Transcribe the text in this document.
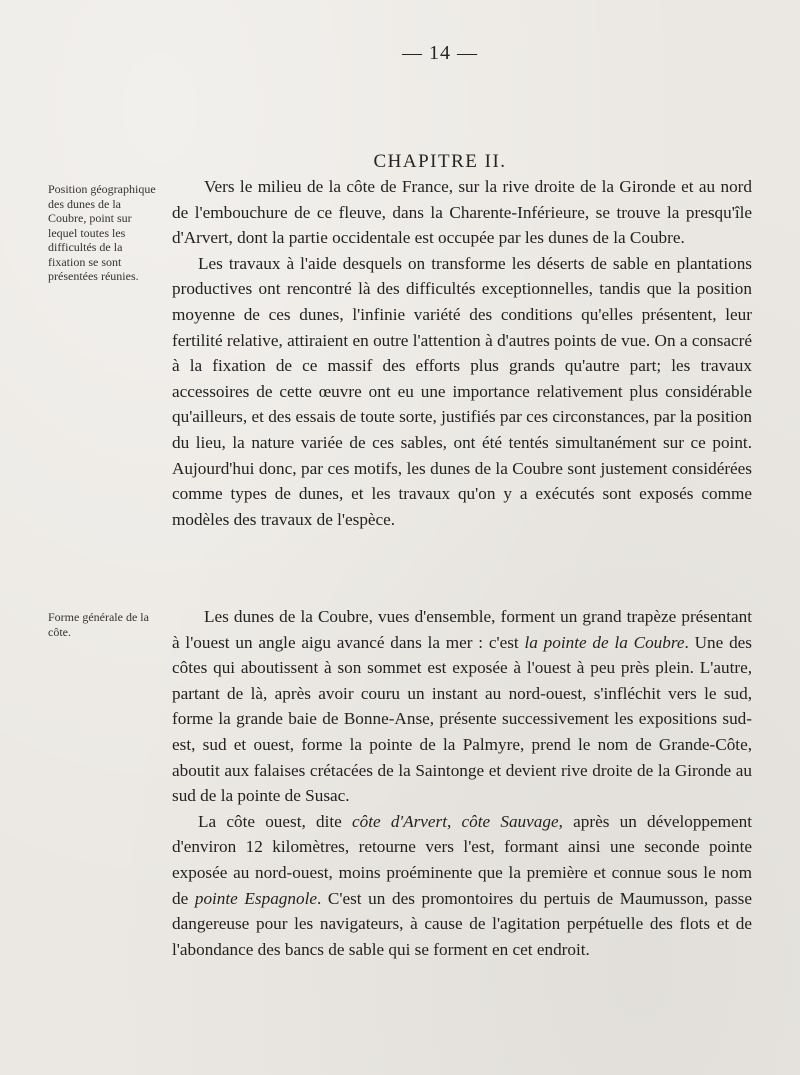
— 14 —
CHAPITRE II.
Position géographique des dunes de la Coubre, point sur lequel toutes les difficultés de la fixation se sont présentées réunies.
Forme générale de la côte.

Vers le milieu de la côte de France, sur la rive droite de la Gironde et au nord de l'embouchure de ce fleuve, dans la Charente-Inférieure, se trouve la presqu'île d'Arvert, dont la partie occidentale est occupée par les dunes de la Coubre.

Les travaux à l'aide desquels on transforme les déserts de sable en plantations productives ont rencontré là des difficultés exceptionnelles, tandis que la position moyenne de ces dunes, l'infinie variété des conditions qu'elles présentent, leur fertilité relative, attiraient en outre l'attention à d'autres points de vue. On a consacré à la fixation de ce massif des efforts plus grands qu'autre part; les travaux accessoires de cette œuvre ont eu une importance relativement plus considérable qu'ailleurs, et des essais de toute sorte, justifiés par ces circonstances, par la position du lieu, la nature variée de ces sables, ont été tentés simultanément sur ce point. Aujourd'hui donc, par ces motifs, les dunes de la Coubre sont justement considérées comme types de dunes, et les travaux qu'on y a exécutés sont exposés comme modèles des travaux de l'espèce.

Les dunes de la Coubre, vues d'ensemble, forment un grand trapèze présentant à l'ouest un angle aigu avancé dans la mer : c'est la pointe de la Coubre. Une des côtes qui aboutissent à son sommet est exposée à l'ouest à peu près plein. L'autre, partant de là, après avoir couru un instant au nord-ouest, s'infléchit vers le sud, forme la grande baie de Bonne-Anse, présente successivement les expositions sud-est, sud et ouest, forme la pointe de la Palmyre, prend le nom de Grande-Côte, aboutit aux falaises crétacées de la Saintonge et devient rive droite de la Gironde au sud de la pointe de Susac.

La côte ouest, dite côte d'Arvert, côte Sauvage, après un développement d'environ 12 kilomètres, retourne vers l'est, formant ainsi une seconde pointe exposée au nord-ouest, moins proéminente que la première et connue sous le nom de pointe Espagnole. C'est un des promontoires du pertuis de Maumusson, passe dangereuse pour les navigateurs, à cause de l'agitation perpétuelle des flots et de l'abondance des bancs de sable qui se forment en cet endroit.
